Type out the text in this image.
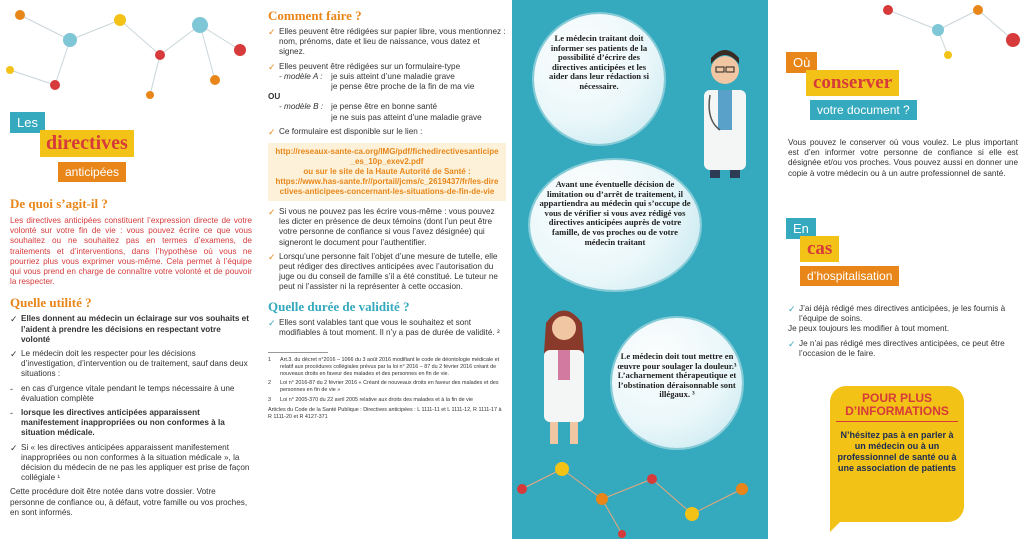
Les
directives
anticipées
De quoi s’agit-il ?

Les directives anticipées constituent l’expression directe de votre volonté sur votre fin de vie : vous pouvez écrire ce que vous souhaitez ou ne souhaitez pas en termes d’examens, de traitements et d’interventions, dans l’hypothèse où vous ne pourriez plus vous exprimer vous-même. Cela permet à l’équipe qui vous prend en charge de connaître votre volonté et de pouvoir la respecter.

Quelle utilité ?
✓ Elles donnent au médecin un éclairage sur vos souhaits et l’aident à prendre les décisions en respectant votre volonté
✓ Le médecin doit les respecter pour les décisions d’investigation, d’intervention ou de traitement, sauf dans deux situations :
- en cas d’urgence vitale pendant le temps nécessaire à une évaluation complète
- lorsque les directives anticipées apparaissent manifestement inappropriées ou non conformes à la situation médicale.
✓ Si « les directives anticipées apparaissent manifestement inappropriées ou non conformes à la situation médicale », la décision du médecin de ne pas les appliquer est prise de façon collégiale ¹

Cette procédure doit être notée dans votre dossier. Votre personne de confiance ou, à défaut, votre famille ou vos proches, en sont informés.

Comment faire ?
✓ Elles peuvent être rédigées sur papier libre, vous mentionnez : nom, prénoms, date et lieu de naissance, vous datez et signez.
✓ Elles peuvent être rédigées sur un formulaire-type
- modèle A :	je suis atteint d’une maladie grave
je pense être proche de la fin de ma vie

OU

- modèle B : je pense être en bonne santé
je ne suis pas atteint d’une maladie grave
✓ Ce formulaire est disponible sur le lien :
http://reseaux-sante-ca.org/IMG/pdf/fichedirectivesanticipe_es_10p_exev2.pdf
ou sur le site de la Haute Autorité de Santé :
https://www.has-sante.fr//portail/jcms/c_2619437/fr/les-directives-anticipees-concernant-les-situations-de-fin-de-vie
✓ Si vous ne pouvez pas les écrire vous-même : vous pouvez les dicter en présence de deux témoins (dont l’un peut être votre personne de confiance si vous l’avez désignée) qui signeront le document pour l’authentifier.
✓ Lorsqu’une personne fait l’objet d’une mesure de tutelle, elle peut rédiger des directives anticipées avec l’autorisation du juge ou du conseil de famille s’il a été constitué. Le tuteur ne peut ni l’assister ni la représenter à cette occasion.
Quelle durée de validité ?
✓ Elles sont valables tant que vous le souhaitez et sont modifiables à tout moment. Il n’y a pas de durée de validité. ²
1 Art.3. du décret n°2016 – 1066 du 3 août 2016 modifiant le code de déontologie médicale et relatif aux procédures collégiales prévus par la loi n° 2016 – 87 du 2 février 2016 créant de nouveaux droits en faveur des malades et des personnes en fin de vie.
2 Loi n° 2016-87 du 2 février 2016 « Créant de nouveaux droits en faveur des malades et des personnes en fin de vie »
3 Loi n° 2005-370 du 22 avril 2005 relative aux droits des malades et à la fin de vie
Articles du Code de la Santé Publique : Directives anticipées : L 1111-11 et L 1111-12, R 1111-17 à R 1111-20 et R 4127-371
Le médecin traitant doit informer ses patients de la possibilité d’écrire des directives anticipées et les aider dans leur rédaction si nécessaire.
Avant une éventuelle décision de limitation ou d’arrêt de traitement, il appartiendra au médecin qui s’occupe de vous de vérifier si vous avez rédigé vos directives anticipées auprès de votre famille, de vos proches ou de votre médecin traitant
Le médecin doit tout mettre en œuvre pour soulager la douleur.³ L’acharnement thérapeutique et l’obstination déraisonnable sont illégaux. ³
Où
conserver
votre document ?

Vous pouvez le conserver où vous voulez. Le plus important est d’en informer votre personne de confiance si elle est désignée et/ou vos proches. Vous pouvez aussi en donner une copie à votre médecin ou à un autre professionnel de santé.

En
cas
d’hospitalisation
✓ J’ai déjà rédigé mes directives anticipées, je les fournis à l’équipe de soins.

Je peux toujours les modifier à tout moment.

✓ Je n’ai pas rédigé mes directives anticipées, ce peut être l’occasion de le faire.
POUR PLUS
D’INFORMATIONS
N’hésitez pas à en parler à un médecin ou à un professionnel de santé ou à une association de patients
